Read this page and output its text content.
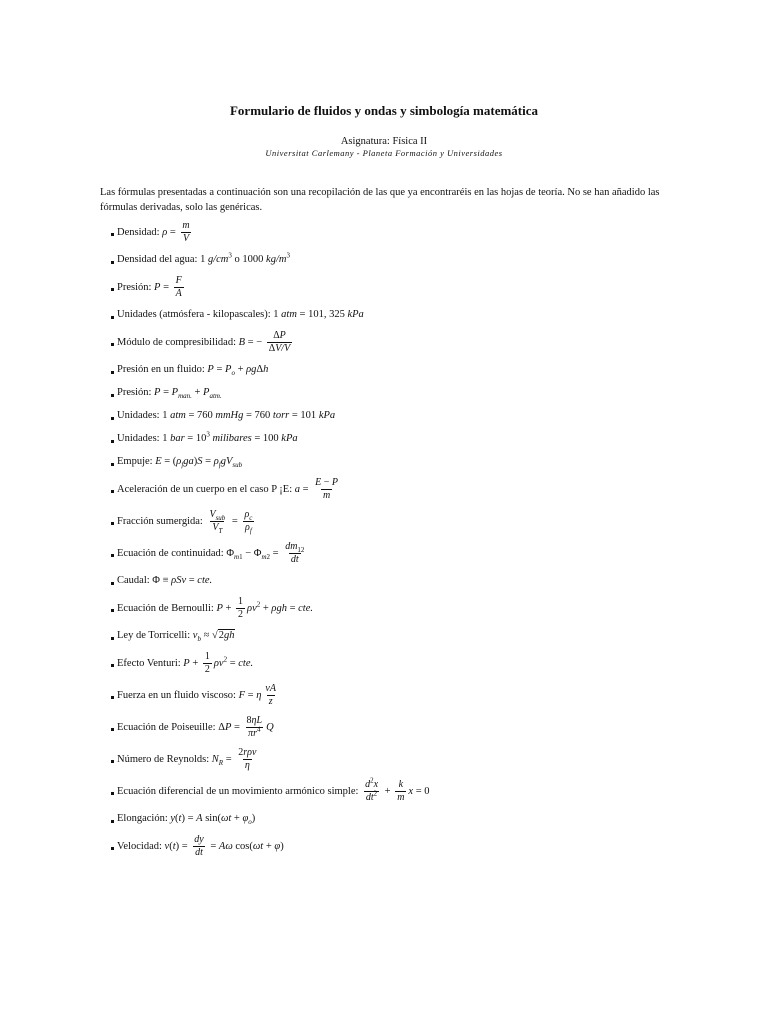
Formulario de fluidos y ondas y simbología matemática
Asignatura: Física II
Universitat Carlemany - Planeta Formación y Universidades
Las fórmulas presentadas a continuación son una recopilación de las que ya encontraréis en las hojas de teoría. No se han añadido las fórmulas derivadas, solo las genéricas.
Densidad: $\rho = \frac{m}{V}$
Densidad del agua: 1 $g/cm^3$ o 1000 $kg/m^3$
Presión: $P = \frac{F}{A}$
Unidades (atmósfera - kilopascales): 1 atm = 101, 325 kPa
Módulo de compresibilidad: B = − $\frac{\Delta P}{\Delta V/V}$
Presión en un fluido: $P = P_o + \rho g\Delta h$
Presión: $P = P_{man.} + P_{atm.}$
Unidades: 1 atm = 760 mmHg = 760 torr = 101 kPa
Unidades: 1 bar = $10^3$ milibares = 100 kPa
Empuje: $E = (\rho_fga)S = \rho_fgV_{sub}$
Aceleración de un cuerpo en el caso P ¡E: $a = \frac{E - P}{m}$
Fracción sumergida: $\frac{V_{sub}}{V_T} = \frac{\rho_c}{\rho_f}$
Ecuación de continuidad: $\Phi_{m1} - \Phi_{m2} = \frac{dm_{12}}{dt}$
Caudal: Φ ≡ ρSv = cte.
Ecuación de Bernoulli: $P + \frac{1}{2} \rho v^2 + \rho gh$ = cte.
Ley de Torricelli: $v_b \approx √2gh$
Efecto Venturi: $P + \frac{1}{2} \rho v^2$ = cte.
Fuerza en un fluido viscoso: F = η $\frac{vA}{z}$
Ecuación de Poiseuille: $\Delta P = \frac{8\eta L}{\pi r^4}$ Q
Número de Reynolds: $N_R = \frac{\text{2rρv}}{\eta}$
Ecuación diferencial de un movimiento armónico simple: $\frac{d^2x}{dt^2} + \frac{k}{m}$ x = 0
Elongación: y(t) = A $\sin(\omega t + \varphi_o)$
Velocidad: $v(t) = \frac{dy}{dt} = A\omega$ cos(ωt + φ)
